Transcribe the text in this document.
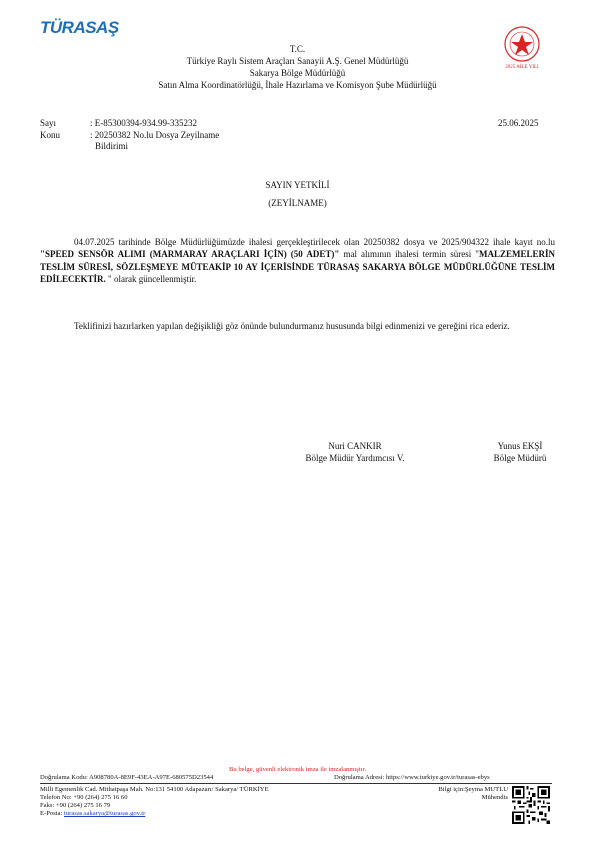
TÜRASAŞ
2025 AİLE YILI
T.C.
Türkiye Raylı Sistem Araçları Sanayii A.Ş. Genel Müdürlüğü
Sakarya Bölge Müdürlüğü
Satın Alma Koordinatörlüğü, İhale Hazırlama ve Komisyon Şube Müdürlüğü
Sayı	: E-85300394-934.99-335232	25.06.2025
Konu	: 20250382 No.lu Dosya Zeyilname
Bildirimi
SAYIN YETKİLİ
(ZEYİLNAME)
04.07.2025 tarihinde Bölge Müdürlüğümüzde ihalesi gerçekleştirilecek olan 20250382 dosya ve 2025/904322 ihale kayıt no.lu "SPEED SENSÖR ALIMI (MARMARAY ARAÇLARI İÇİN) (50 ADET)" mal alımının ihalesi termin süresi "MALZEMELERİN TESLİM SÜRESİ, SÖZLEŞMEYE MÜTEAKİP 10 AY İÇERİSİNDE TÜRASAŞ SAKARYA BÖLGE MÜDÜRLÜĞÜNE TESLİM EDİLECEKTİR. " olarak güncellenmiştir.
Teklifinizi hazırlarken yapılan değişikliği göz önünde bulundurmanız hususunda bilgi edinmenizi ve gereğini rica ederiz.
Nuri CANKIR
Bölge Müdür Yardımcısı V.
Yunus EKŞİ
Bölge Müdürü
Bu belge, güvenli elektronik imza ile imzalanmıştır.
Doğrulama Kodu: A908780A-8E9F-43EA-A97E-680575D23544	Doğrulama Adresi: https://www.turkiye.gov.tr/turasas-ebys
Milli Egemenlik Cad. Mithatpaşa Mah. No:131 54100 Adapazarı/ Sakarya/ TÜRKİYE	Bilgi için:Şeyma MUTLU
Mühendis
Telefon No: +90 (264) 275 16 60
Faks: +90 (264) 275 16 79
E-Posta: turasas.sakarya@turasas.gov.tr
